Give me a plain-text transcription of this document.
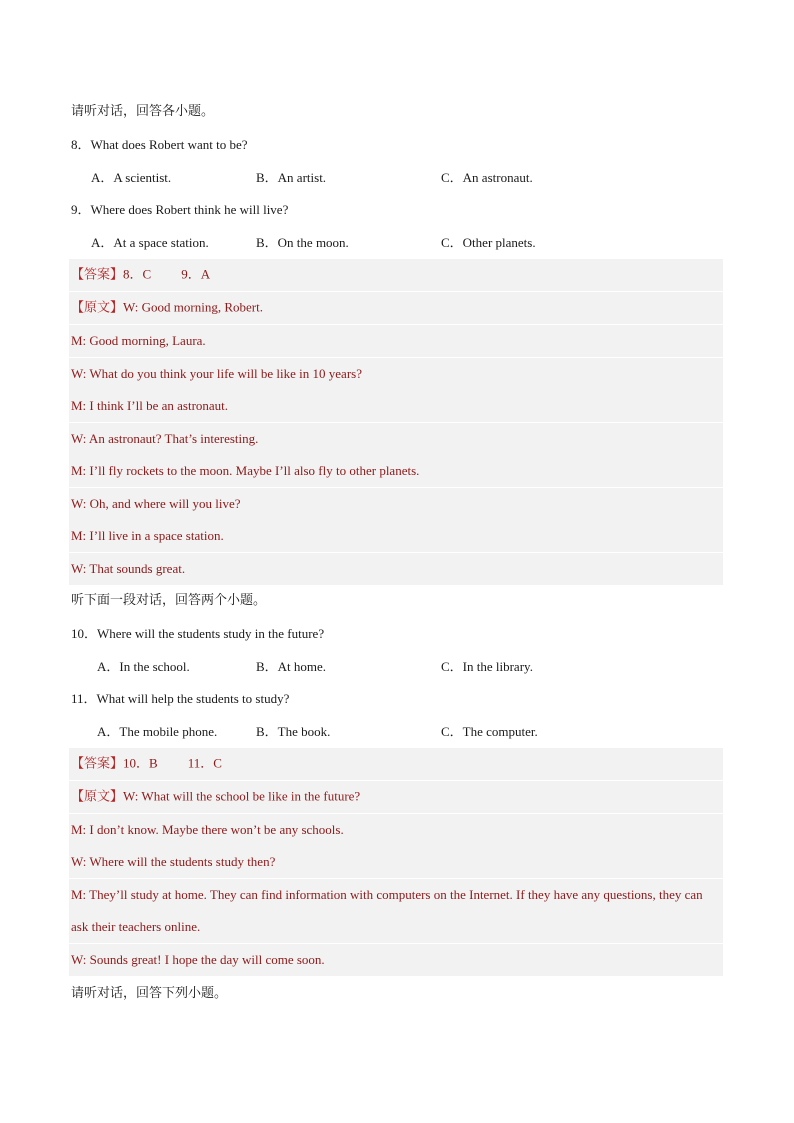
请听对话，回答各小题。
8．What does Robert want to be?
A．A scientist.	B．An artist.	C．An astronaut.
9．Where does Robert think he will live?
A．At a space station.	B．On the moon.	C．Other planets.
【答案】8．C 9．A
【原文】W: Good morning, Robert.
M: Good morning, Laura.
W: What do you think your life will be like in 10 years?
M: I think I’ll be an astronaut.
W: An astronaut? That’s interesting.
M: I’ll fly rockets to the moon. Maybe I’ll also fly to other planets.
W: Oh, and where will you live?
M: I’ll live in a space station.
W: That sounds great.
听下面一段对话，回答两个小题。
10．Where will the students study in the future?
A．In the school.	B．At home.	C．In the library.
11．What will help the students to study?
A．The mobile phone.	B．The book.	C．The computer.
【答案】10．B 11．C
【原文】W: What will the school be like in the future?
M: I don’t know. Maybe there won’t be any schools.
W: Where will the students study then?
M: They’ll study at home. They can find information with computers on the Internet. If they have any questions, they can ask their teachers online.
W: Sounds great! I hope the day will come soon.
请听对话，回答下列小题。
